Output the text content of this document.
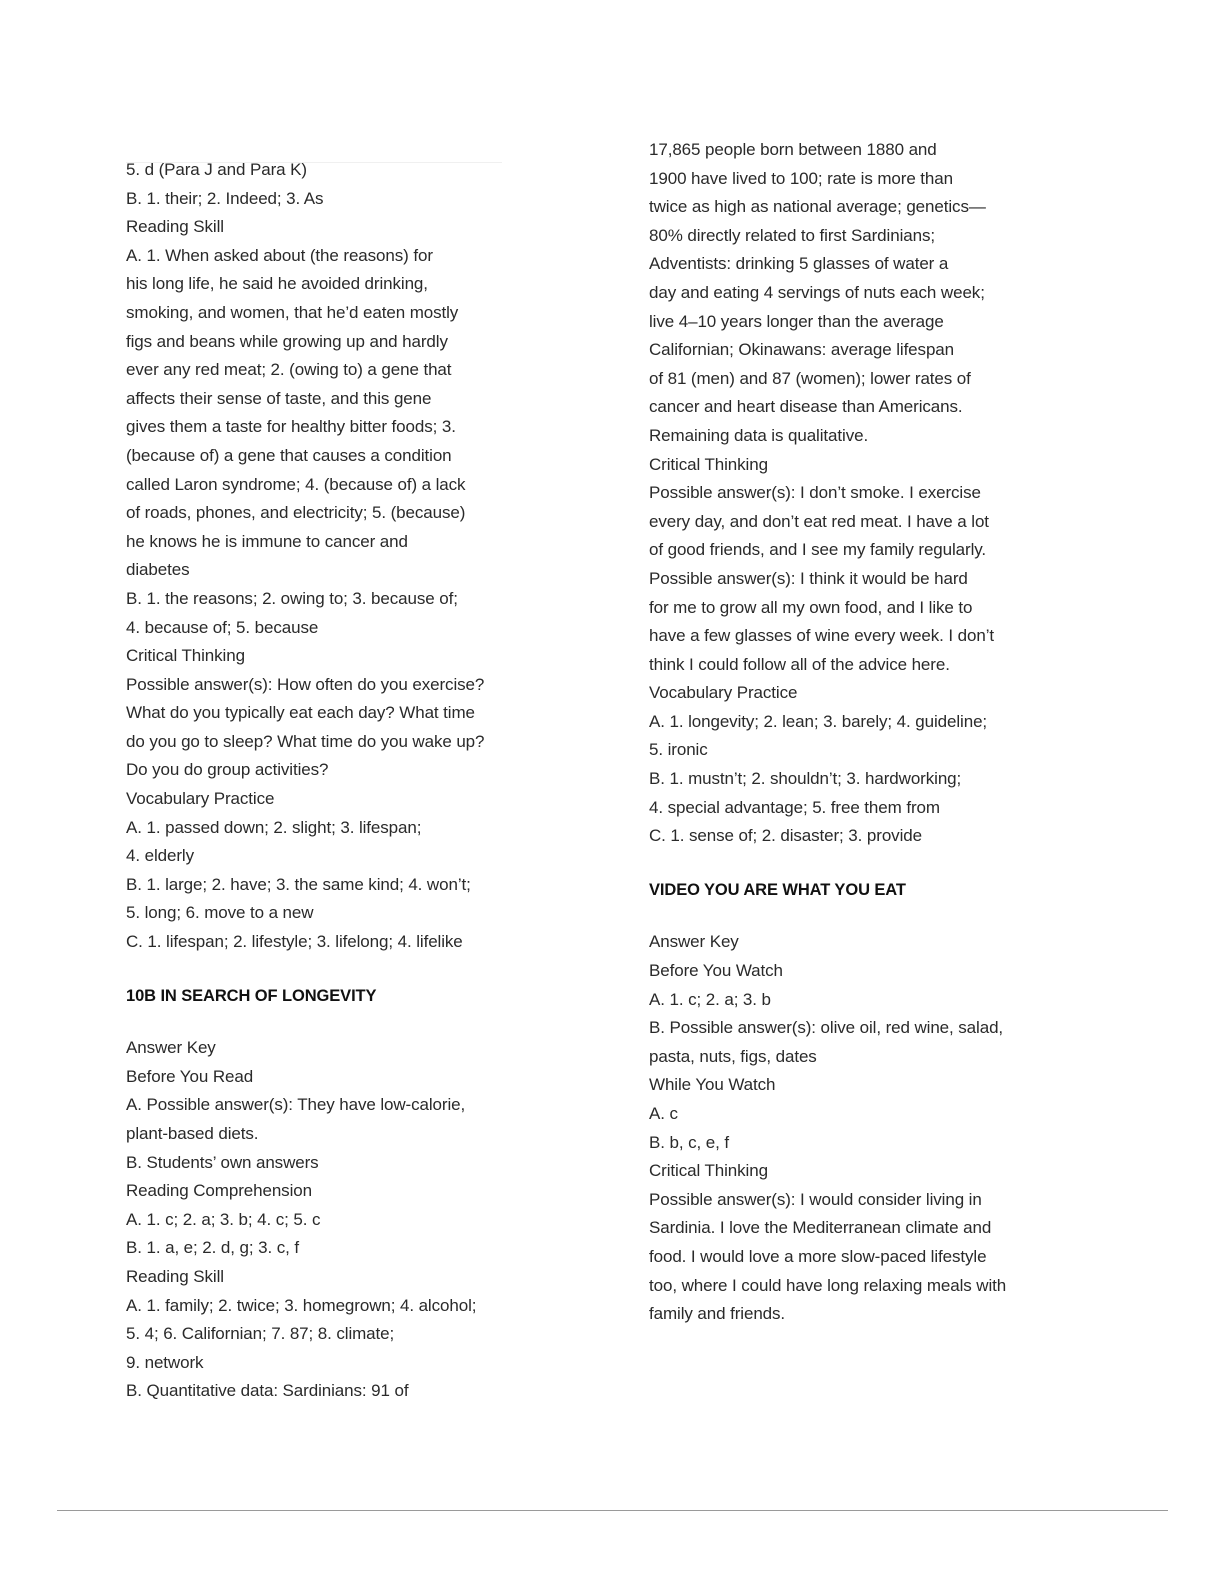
5. d (Para J and Para K)
B. 1. their; 2. Indeed; 3. As
Reading Skill
A. 1. When asked about (the reasons) for
his long life, he said he avoided drinking,
smoking, and women, that he’d eaten mostly
figs and beans while growing up and hardly
ever any red meat; 2. (owing to) a gene that
affects their sense of taste, and this gene
gives them a taste for healthy bitter foods; 3.
(because of) a gene that causes a condition
called Laron syndrome; 4. (because of) a lack
of roads, phones, and electricity; 5. (because)
he knows he is immune to cancer and
diabetes
B. 1. the reasons; 2. owing to; 3. because of;
4. because of; 5. because
Critical Thinking
Possible answer(s): How often do you exercise?
What do you typically eat each day? What time
do you go to sleep? What time do you wake up?
Do you do group activities?
Vocabulary Practice
A. 1. passed down; 2. slight; 3. lifespan;
4. elderly
B. 1. large; 2. have; 3. the same kind; 4. won’t;
5. long; 6. move to a new
C. 1. lifespan; 2. lifestyle; 3. lifelong; 4. lifelike
10B IN SEARCH OF LONGEVITY
Answer Key
Before You Read
A. Possible answer(s): They have low-calorie,
plant-based diets.
B. Students’ own answers
Reading Comprehension
A. 1. c; 2. a; 3. b; 4. c; 5. c
B. 1. a, e; 2. d, g; 3. c, f
Reading Skill
A. 1. family; 2. twice; 3. homegrown; 4. alcohol;
5. 4; 6. Californian; 7. 87; 8. climate;
9. network
B. Quantitative data: Sardinians: 91 of
17,865 people born between 1880 and
1900 have lived to 100; rate is more than
twice as high as national average; genetics—
80% directly related to first Sardinians;
Adventists: drinking 5 glasses of water a
day and eating 4 servings of nuts each week;
live 4–10 years longer than the average
Californian; Okinawans: average lifespan
of 81 (men) and 87 (women); lower rates of
cancer and heart disease than Americans.
Remaining data is qualitative.
Critical Thinking
Possible answer(s): I don’t smoke. I exercise
every day, and don’t eat red meat. I have a lot
of good friends, and I see my family regularly.
Possible answer(s): I think it would be hard
for me to grow all my own food, and I like to
have a few glasses of wine every week. I don’t
think I could follow all of the advice here.
Vocabulary Practice
A. 1. longevity; 2. lean; 3. barely; 4. guideline;
5. ironic
B. 1. mustn’t; 2. shouldn’t; 3. hardworking;
4. special advantage; 5. free them from
C. 1. sense of; 2. disaster; 3. provide
VIDEO YOU ARE WHAT YOU EAT
Answer Key
Before You Watch
A. 1. c; 2. a; 3. b
B. Possible answer(s): olive oil, red wine, salad,
pasta, nuts, figs, dates
While You Watch
A. c
B. b, c, e, f
Critical Thinking
Possible answer(s): I would consider living in
Sardinia. I love the Mediterranean climate and
food. I would love a more slow-paced lifestyle
too, where I could have long relaxing meals with
family and friends.
